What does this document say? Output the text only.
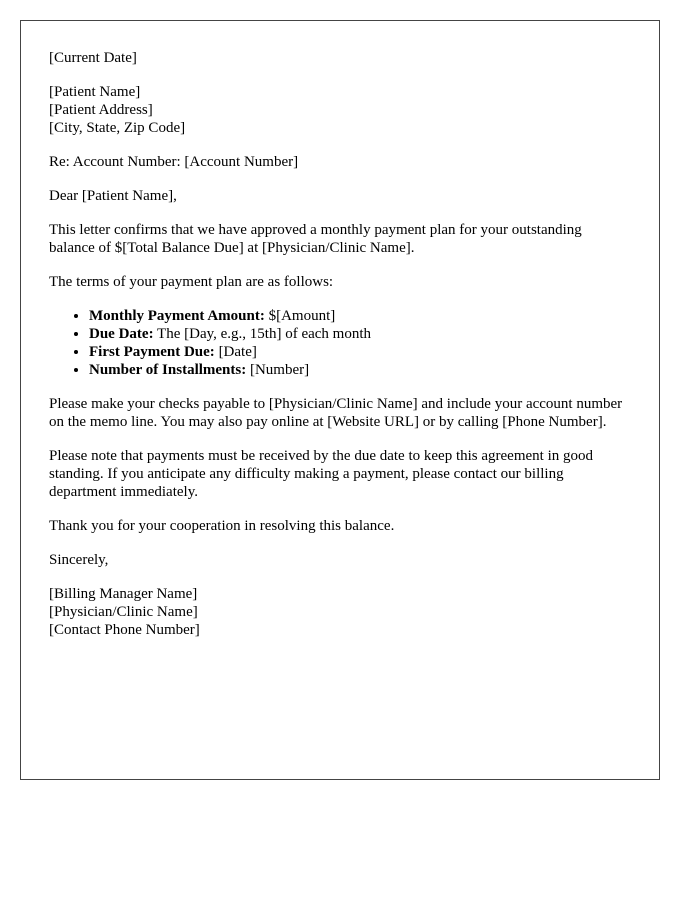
[Current Date]
[Patient Name]
[Patient Address]
[City, State, Zip Code]

Re: Account Number: [Account Number]

Dear [Patient Name],

This letter confirms that we have approved a monthly payment plan for your outstanding balance of $[Total Balance Due] at [Physician/Clinic Name].

The terms of your payment plan are as follows:

• Monthly Payment Amount: $[Amount]
• Due Date: The [Day, e.g., 15th] of each month
• First Payment Due: [Date]
• Number of Installments: [Number]

Please make your checks payable to [Physician/Clinic Name] and include your account number on the memo line. You may also pay online at [Website URL] or by calling [Phone Number].

Please note that payments must be received by the due date to keep this agreement in good standing. If you anticipate any difficulty making a payment, please contact our billing department immediately.

Thank you for your cooperation in resolving this balance.

Sincerely,

[Billing Manager Name]
[Physician/Clinic Name]
[Contact Phone Number]
